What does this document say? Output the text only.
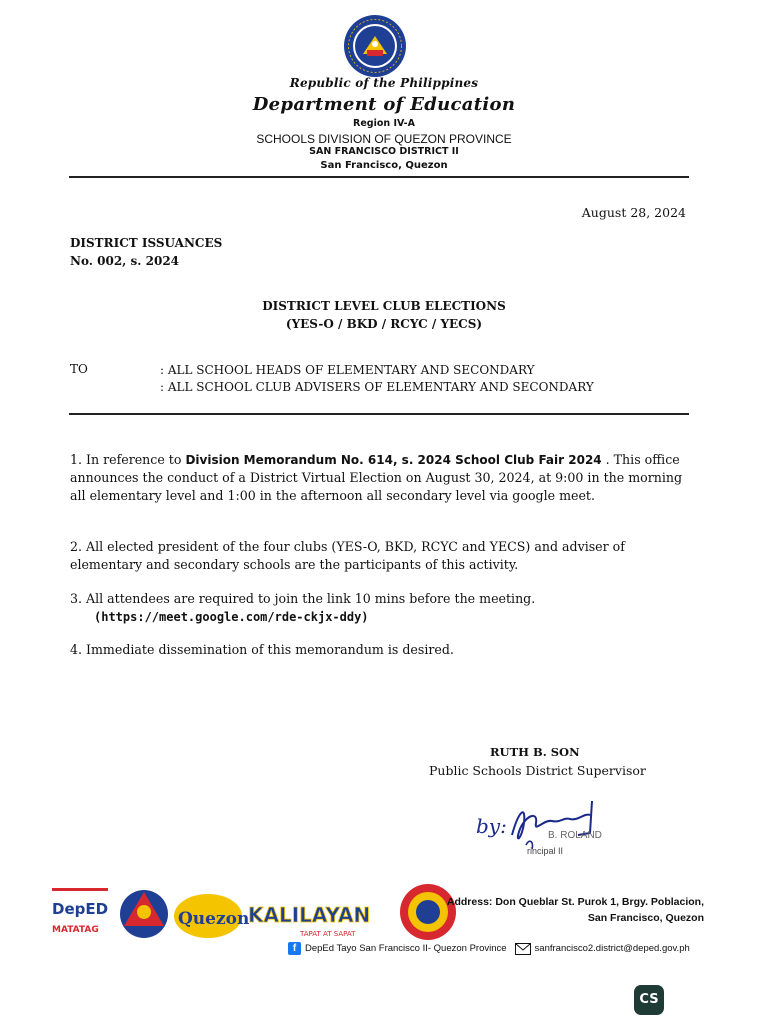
Republic of the Philippines
Department of Education
Region IV-A
SCHOOLS DIVISION OF QUEZON PROVINCE
SAN FRANCISCO DISTRICT II
San Francisco, Quezon
August 28, 2024
DISTRICT ISSUANCES
No. 002, s. 2024
DISTRICT LEVEL CLUB ELECTIONS
(YES-O / BKD / RCYC / YECS)
TO	: ALL SCHOOL HEADS OF ELEMENTARY AND SECONDARY
: ALL SCHOOL CLUB ADVISERS OF ELEMENTARY AND SECONDARY
1. In reference to Division Memorandum No. 614, s. 2024 School Club Fair 2024 . This office announces the conduct of a District Virtual Election on August 30, 2024, at 9:00 in the morning all elementary level and 1:00 in the afternoon all secondary level via google meet.
2. All elected president of the four clubs (YES-O, BKD, RCYC and YECS) and adviser of elementary and secondary schools are the participants of this activity.
3. All attendees are required to join the link 10 mins before the meeting.
(https://meet.google.com/rde-ckjx-ddy)
4. Immediate dissemination of this memorandum is desired.
RUTH B. SON
Public Schools District Supervisor
by:	B. ROLAND
rincipal II
DepED
MATATAG
Quezon
KALILAYAN
TAPAT AT SAPAT
Address: Don Queblar St. Purok 1, Brgy. Poblacion,
San Francisco, Quezon
f DepEd Tayo San Francisco II- Quezon Province	sanfrancisco2.district@deped.gov.ph
CS
